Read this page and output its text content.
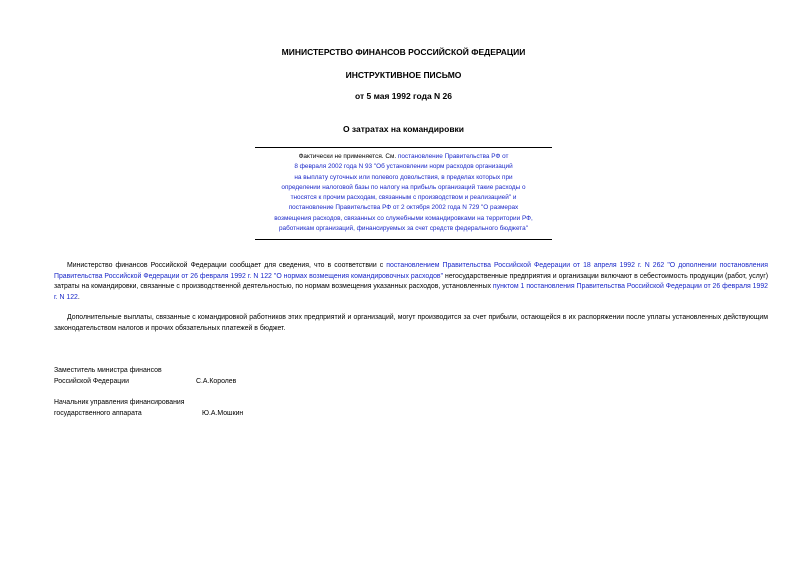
МИНИСТЕРСТВО ФИНАНСОВ РОССИЙСКОЙ ФЕДЕРАЦИИ
ИНСТРУКТИВНОЕ ПИСЬМО
от 5 мая 1992 года N 26
О затратах на командировки
Фактически не применяется. См. постановление Правительства РФ от
8 февраля 2002 года N 93 "Об установлении норм расходов организаций
на выплату суточных или полевого довольствия, в пределах которых при
определении налоговой базы по налогу на прибыль организаций такие расходы о
тносятся к прочим расходам, связанным с производством и реализацией" и
постановление Правительства РФ от 2 октября 2002 года N 729 "О размерах
возмещения расходов, связанных со служебными командировками на территории РФ,
работникам организаций, финансируемых за счет средств федерального бюджета"
Министерство финансов Российской Федерации сообщает для сведения, что в соответствии с постановлением Правительства Российской Федерации от 18 апреля 1992 г. N 262 "О дополнении постановления Правительства Российской Федерации от 26 февраля 1992 г. N 122 "О нормах возмещения командировочных расходов" негосударственные предприятия и организации включают в себестоимость продукции (работ, услуг) затраты на командировки, связанные с производственной деятельностью, по нормам возмещения указанных расходов, установленных пунктом 1 постановления Правительства Российской Федерации от 26 февраля 1992 г. N 122.
Дополнительные выплаты, связанные с командировкой работников этих предприятий и организаций, могут производится за счет прибыли, остающейся в их распоряжении после уплаты установленных действующим законодательством налогов и прочих обязательных платежей в бюджет.
Заместитель министра финансов
Российской Федерации	С.А.Королев
Начальник управления финансирования
государственного аппарата	Ю.А.Мошкин
